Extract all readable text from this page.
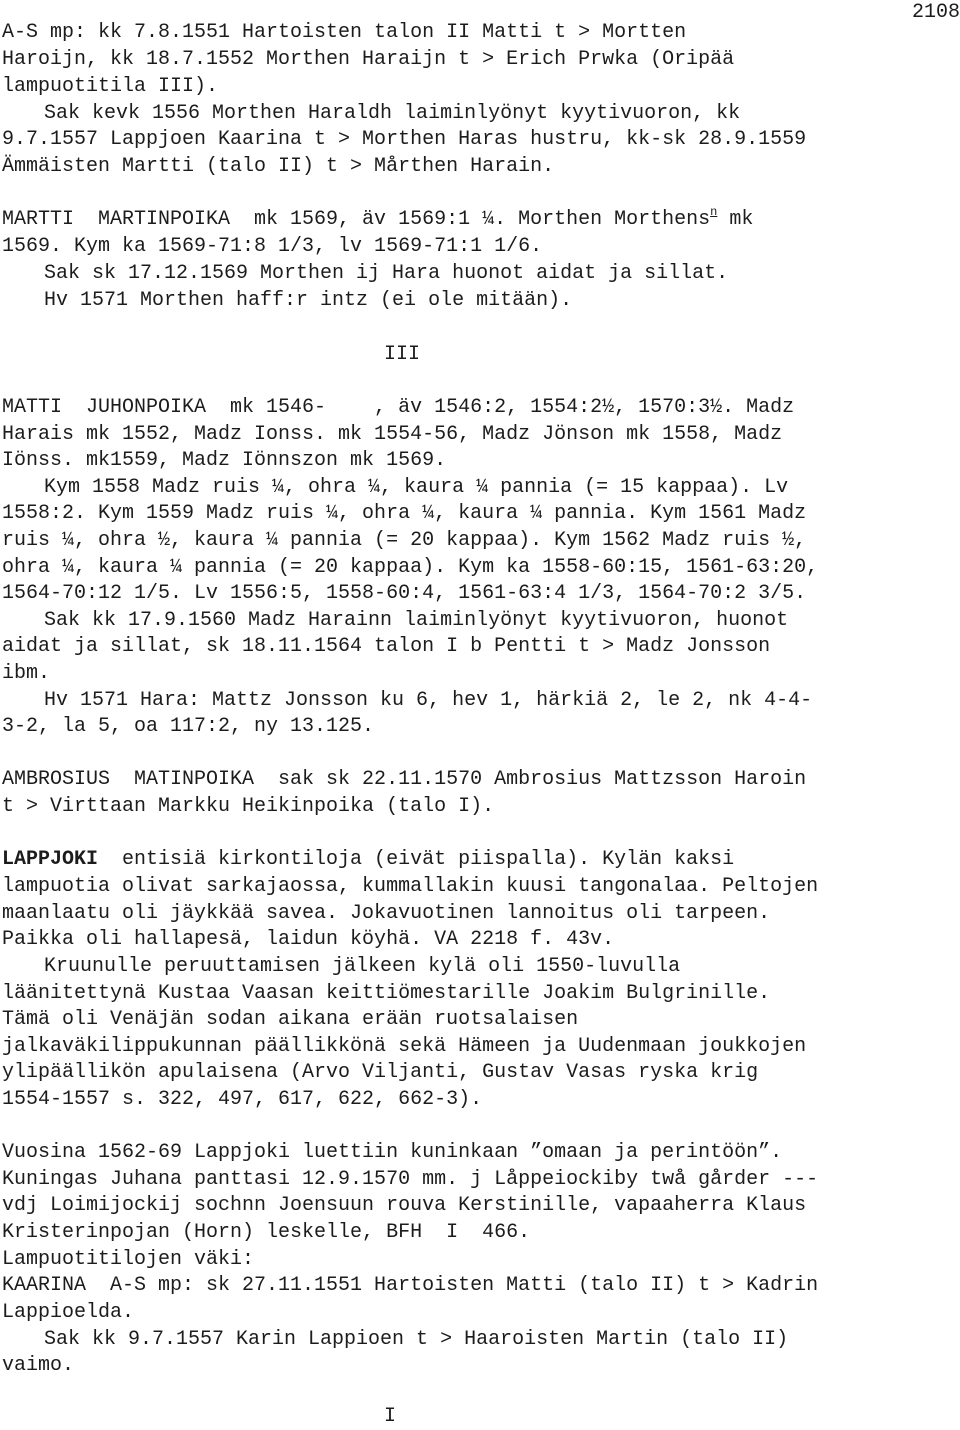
2108

A-S mp: kk 7.8.1551 Hartoisten talon II Matti t > Mortten

Haroijn, kk 18.7.1552 Morthen Haraijn t > Erich Prwka (Oripää

lampuotitila III).

Sak kevk 1556 Morthen Haraldh laiminlyönyt kyytivuoron, kk

9.7.1557 Lappjoen Kaarina t > Morthen Haras hustru, kk-sk 28.9.1559

Ämmäisten Martti (talo II) t > Mårthen Harain.

MARTTI  MARTINPOIKA  mk 1569, äv 1569:1 ¼. Morthen Morthens$^n$ mk

1569. Kym ka 1569-71:8 1/3, lv 1569-71:1 1/6.

Sak sk 17.12.1569 Morthen ij Hara huonot aidat ja sillat.

Hv 1571 Morthen haff:r intz (ei ole mitään).

III

MATTI  JUHONPOIKA  mk 1546-    , äv 1546:2, 1554:2½, 1570:3½. Madz

Harais mk 1552, Madz Ionss. mk 1554-56, Madz Jönson mk 1558, Madz

Iönss. mk1559, Madz Iönnszon mk 1569.

Kym 1558 Madz ruis ¼, ohra ¼, kaura ¼ pannia (= 15 kappaa). Lv

1558:2. Kym 1559 Madz ruis ¼, ohra ¼, kaura ¼ pannia. Kym 1561 Madz

ruis ¼, ohra ½, kaura ¼ pannia (= 20 kappaa). Kym 1562 Madz ruis ½,

ohra ¼, kaura ¼ pannia (= 20 kappaa). Kym ka 1558-60:15, 1561-63:20,

1564-70:12 1/5. Lv 1556:5, 1558-60:4, 1561-63:4 1/3, 1564-70:2 3/5.

Sak kk 17.9.1560 Madz Harainn laiminlyönyt kyytivuoron, huonot

aidat ja sillat, sk 18.11.1564 talon I b Pentti t > Madz Jonsson

ibm.

Hv 1571 Hara: Mattz Jonsson ku 6, hev 1, härkiä 2, le 2, nk 4-4-

3-2, la 5, oa 117:2, ny 13.125.

AMBROSIUS  MATINPOIKA  sak sk 22.11.1570 Ambrosius Mattzsson Haroin

t > Virttaan Markku Heikinpoika (talo I).

LAPPJOKI  entisiä kirkontiloja (eivät piispalla). Kylän kaksi

lampuotia olivat sarkajaossa, kummallakin kuusi tangonalaa. Peltojen

maanlaatu oli jäykkää savea. Jokavuotinen lannoitus oli tarpeen.

Paikka oli hallapesä, laidun köyhä. VA 2218 f. 43v.

Kruunulle peruuttamisen jälkeen kylä oli 1550-luvulla

läänitettynä Kustaa Vaasan keittiömestarille Joakim Bulgrinille.

Tämä oli Venäjän sodan aikana erään ruotsalaisen

jalkaväkilippukunnan päällikkönä sekä Hämeen ja Uudenmaan joukkojen

ylipäällikön apulaisena (Arvo Viljanti, Gustav Vasas ryska krig

1554-1557 s. 322, 497, 617, 622, 662-3).

Vuosina 1562-69 Lappjoki luettiin kuninkaan ”omaan ja perintöön”.

Kuningas Juhana panttasi 12.9.1570 mm. j Låppeiockiby twå gårder ---

vdj Loimijockij sochnn Joensuun rouva Kerstinille, vapaaherra Klaus

Kristerinpojan (Horn) leskelle, BFH  I  466.

Lampuotitilojen väki:

KAARINA  A-S mp: sk 27.11.1551 Hartoisten Matti (talo II) t > Kadrin

Lappioelda.

Sak kk 9.7.1557 Karin Lappioen t > Haaroisten Martin (talo II)

vaimo.

I
